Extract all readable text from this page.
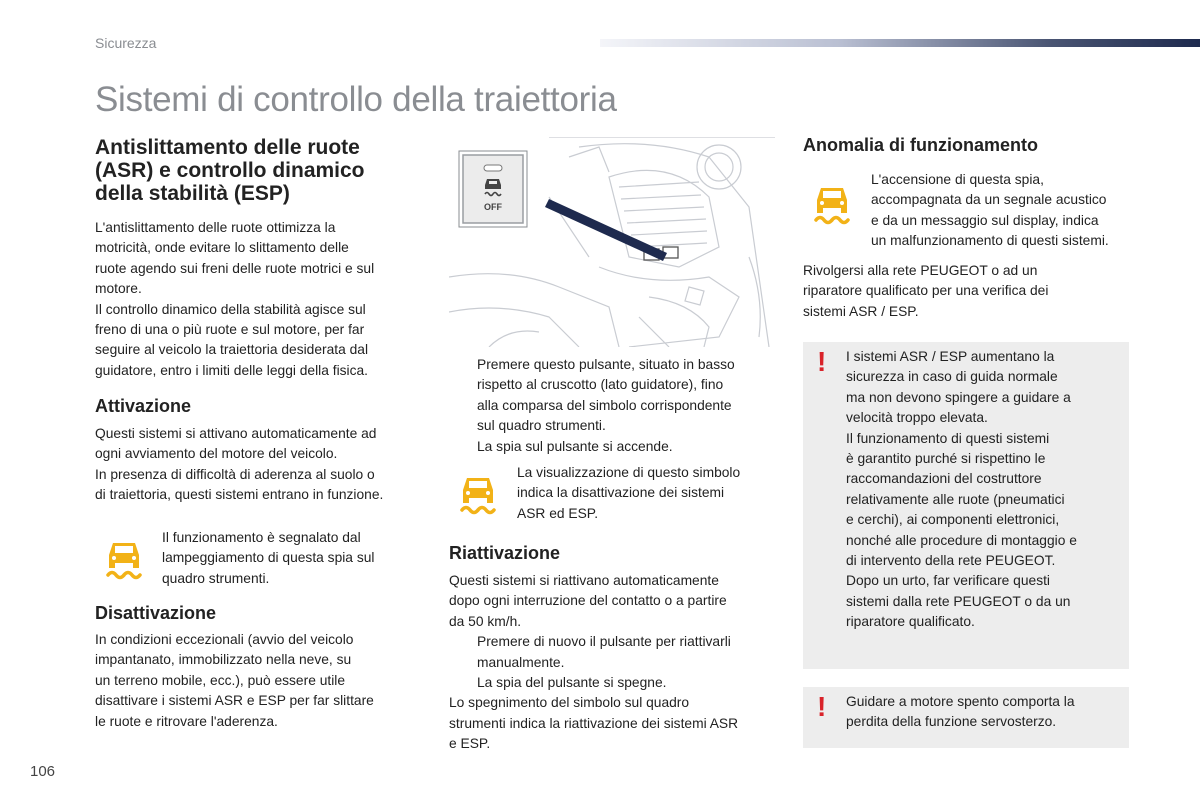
Sicurezza
Sistemi di controllo della traiettoria
Antislittamento delle ruote
(ASR) e controllo dinamico
della stabilità (ESP)
L'antislittamento delle ruote ottimizza la
motricità, onde evitare lo slittamento delle
ruote agendo sui freni delle ruote motrici e sul
motore.
Il controllo dinamico della stabilità agisce sul
freno di una o più ruote e sul motore, per far
seguire al veicolo la traiettoria desiderata dal
guidatore, entro i limiti delle leggi della fisica.
Attivazione
Questi sistemi si attivano automaticamente ad
ogni avviamento del motore del veicolo.
In presenza di difficoltà di aderenza al suolo o
di traiettoria, questi sistemi entrano in funzione.
Il funzionamento è segnalato dal
lampeggiamento di questa spia sul
quadro strumenti.
Disattivazione
In condizioni eccezionali (avvio del veicolo
impantanato, immobilizzato nella neve, su
un terreno mobile, ecc.), può essere utile
disattivare i sistemi ASR e ESP per far slittare
le ruote e ritrovare l'aderenza.
OFF
Premere questo pulsante, situato in basso
rispetto al cruscotto (lato guidatore), fino
alla comparsa del simbolo corrispondente
sul quadro strumenti.
La spia sul pulsante si accende.
La visualizzazione di questo simbolo
indica la disattivazione dei sistemi
ASR ed ESP.
Riattivazione
Questi sistemi si riattivano automaticamente
dopo ogni interruzione del contatto o a partire
da 50 km/h.
Premere di nuovo il pulsante per riattivarli
manualmente.
La spia del pulsante si spegne.
Lo spegnimento del simbolo sul quadro
strumenti indica la riattivazione dei sistemi ASR
e ESP.
Anomalia di funzionamento
L'accensione di questa spia,
accompagnata da un segnale acustico
e da un messaggio sul display, indica
un malfunzionamento di questi sistemi.
Rivolgersi alla rete PEUGEOT o ad un
riparatore qualificato per una verifica dei
sistemi ASR / ESP.
! I sistemi ASR / ESP aumentano la
sicurezza in caso di guida normale
ma non devono spingere a guidare a
velocità troppo elevata.
Il funzionamento di questi sistemi
è garantito purché si rispettino le
raccomandazioni del costruttore
relativamente alle ruote (pneumatici
e cerchi), ai componenti elettronici,
nonché alle procedure di montaggio e
di intervento della rete PEUGEOT.
Dopo un urto, far verificare questi
sistemi dalla rete PEUGEOT o da un
riparatore qualificato.
! Guidare a motore spento comporta la
perdita della funzione servosterzo.
106
